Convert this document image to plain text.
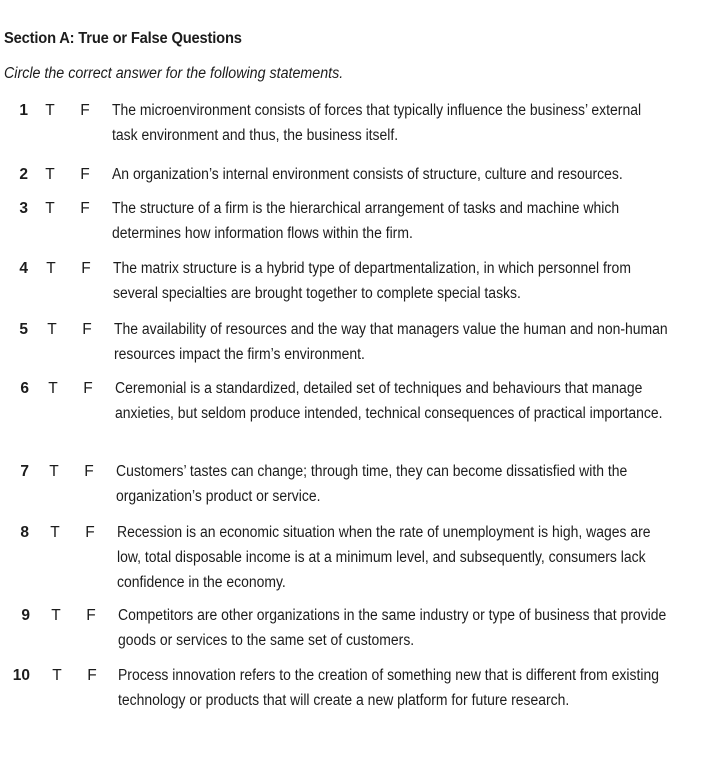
Section A: True or False Questions
Circle the correct answer for the following statements.
1 T F The microenvironment consists of forces that typically influence the business’ external task environment and thus, the business itself.
2 T F An organization’s internal environment consists of structure, culture and resources.
3 T F The structure of a firm is the hierarchical arrangement of tasks and machine which determines how information flows within the firm.
4 T F The matrix structure is a hybrid type of departmentalization, in which personnel from several specialties are brought together to complete special tasks.
5 T F The availability of resources and the way that managers value the human and non-human resources impact the firm’s environment.
6 T F Ceremonial is a standardized, detailed set of techniques and behaviours that manage anxieties, but seldom produce intended, technical consequences of practical importance.
7 T F Customers’ tastes can change; through time, they can become dissatisfied with the organization’s product or service.
8 T F Recession is an economic situation when the rate of unemployment is high, wages are low, total disposable income is at a minimum level, and subsequently, consumers lack confidence in the economy.
9 T F Competitors are other organizations in the same industry or type of business that provide goods or services to the same set of customers.
10 T F Process innovation refers to the creation of something new that is different from existing technology or products that will create a new platform for future research.
